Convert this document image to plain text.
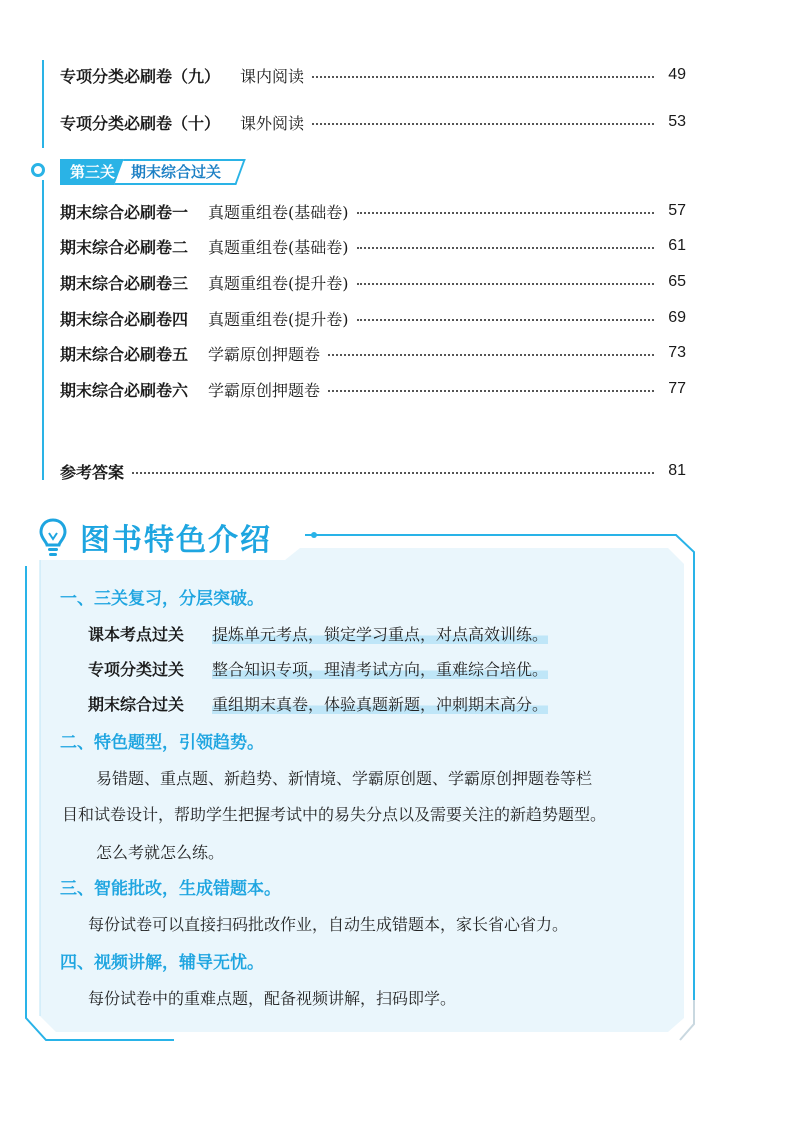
专项分类必刷卷（九） 课内阅读	49
专项分类必刷卷（十） 课外阅读	53
第三关	期末综合过关
期末综合必刷卷一 真题重组卷(基础卷)	57
期末综合必刷卷二 真题重组卷(基础卷)	61
期末综合必刷卷三 真题重组卷(提升卷)	65
期末综合必刷卷四 真题重组卷(提升卷)	69
期末综合必刷卷五 学霸原创押题卷	73
期末综合必刷卷六 学霸原创押题卷	77
参考答案	81
图书特色介绍
一、三关复习，分层突破。
课本考点过关 提炼单元考点，锁定学习重点，对点高效训练。
专项分类过关 整合知识专项，理清考试方向，重难综合培优。
期末综合过关 重组期末真卷，体验真题新题，冲刺期末高分。
二、特色题型，引领趋势。
易错题、重点题、新趋势、新情境、学霸原创题、学霸原创押题卷等栏
目和试卷设计，帮助学生把握考试中的易失分点以及需要关注的新趋势题型。
怎么考就怎么练。
三、智能批改，生成错题本。
每份试卷可以直接扫码批改作业，自动生成错题本，家长省心省力。
四、视频讲解，辅导无忧。
每份试卷中的重难点题，配备视频讲解，扫码即学。
